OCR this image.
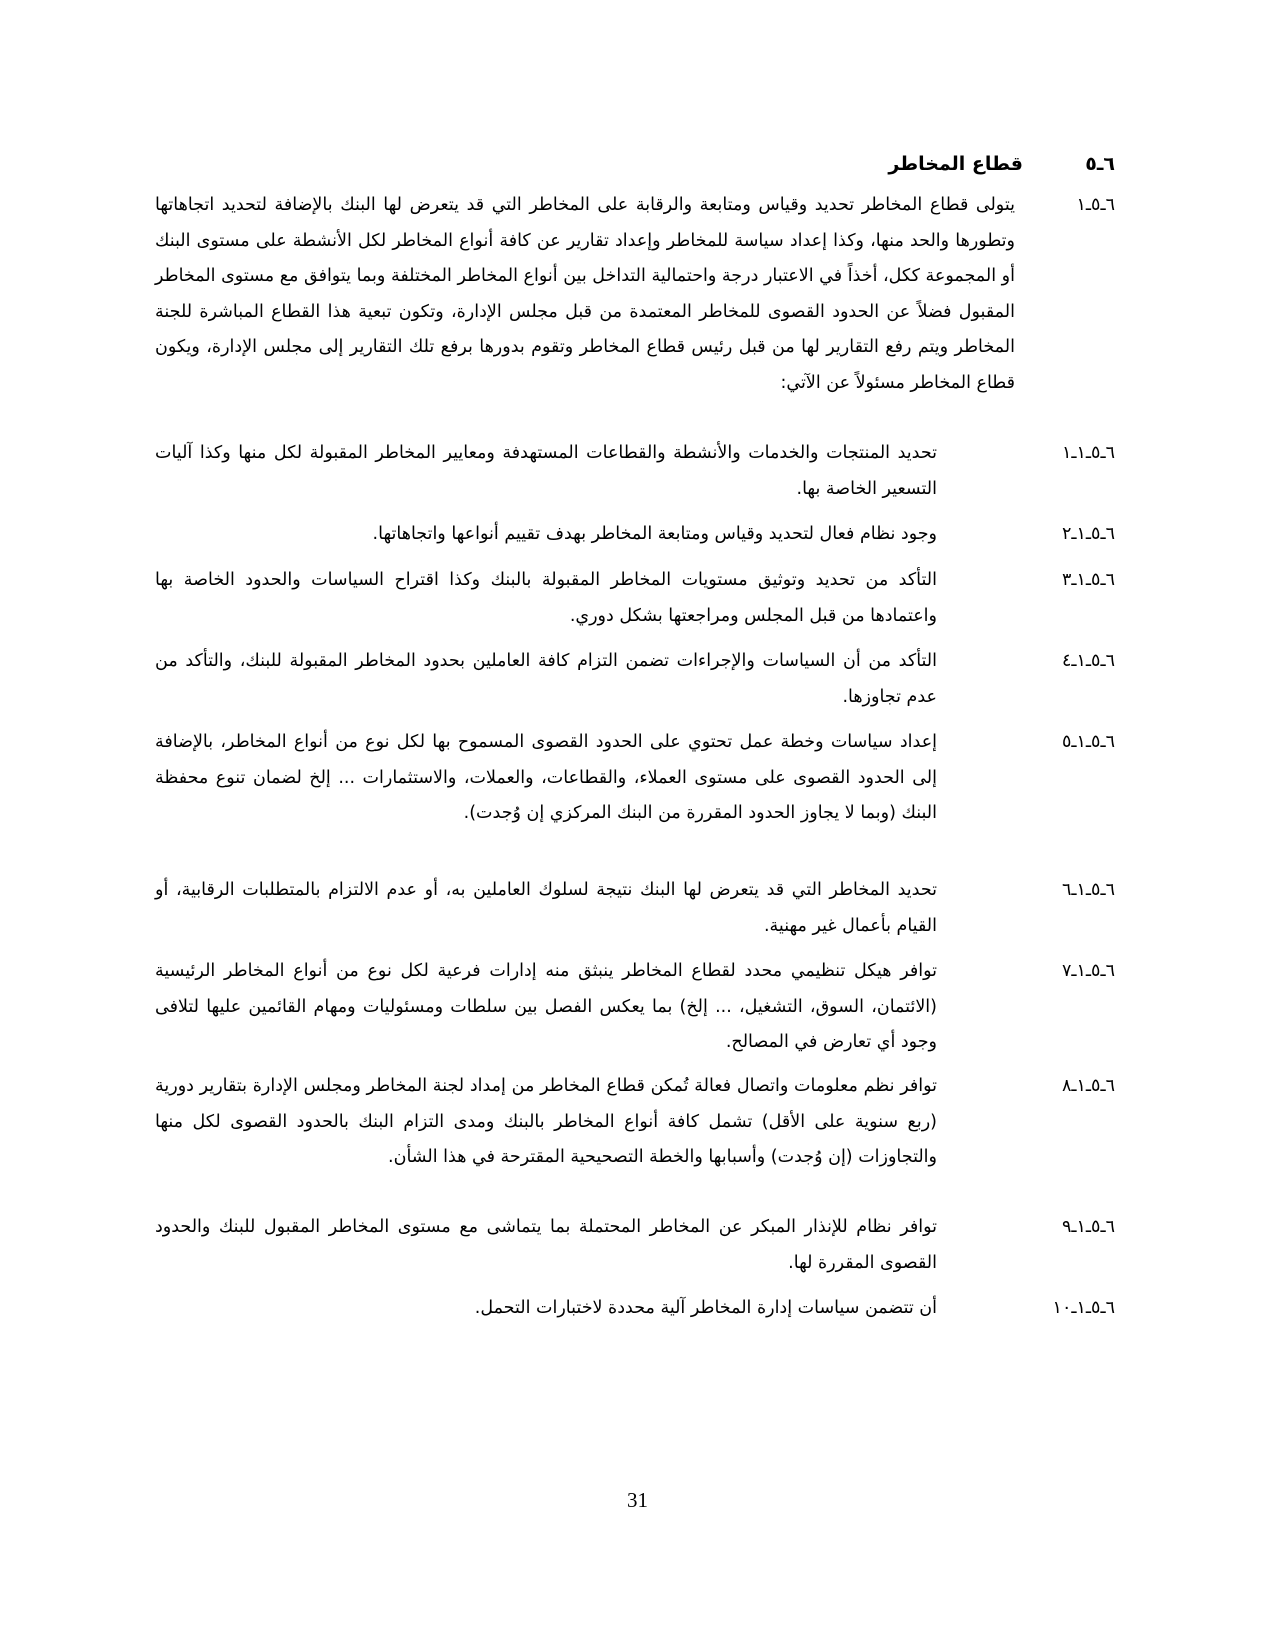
٦ـ٥قطاع المخاطر
٦ـ٥ـ١
يتولى قطاع المخاطر تحديد وقياس ومتابعة والرقابة على المخاطر التي قد يتعرض لها البنك بالإضافة لتحديد اتجاهاتها وتطورها والحد منها، وكذا إعداد سياسة للمخاطر وإعداد تقارير عن كافة أنواع المخاطر لكل الأنشطة على مستوى البنك أو المجموعة ككل، أخذاً في الاعتبار درجة واحتمالية التداخل بين أنواع المخاطر المختلفة وبما يتوافق مع مستوى المخاطر المقبول فضلاً عن الحدود القصوى للمخاطر المعتمدة من قبل مجلس الإدارة، وتكون تبعية هذا القطاع المباشرة للجنة المخاطر ويتم رفع التقارير لها من قبل رئيس قطاع المخاطر وتقوم بدورها برفع تلك التقارير إلى مجلس الإدارة، ويكون قطاع المخاطر مسئولاً عن الآتي:
٦ـ٥ـ١ـ١
تحديد المنتجات والخدمات والأنشطة والقطاعات المستهدفة ومعايير المخاطر المقبولة لكل منها وكذا آليات التسعير الخاصة بها.
٦ـ٥ـ١ـ٢
وجود نظام فعال لتحديد وقياس ومتابعة المخاطر بهدف تقييم أنواعها واتجاهاتها.
٦ـ٥ـ١ـ٣
التأكد من تحديد وتوثيق مستويات المخاطر المقبولة بالبنك وكذا اقتراح السياسات والحدود الخاصة بها واعتمادها من قبل المجلس ومراجعتها بشكل دوري.
٦ـ٥ـ١ـ٤
التأكد من أن السياسات والإجراءات تضمن التزام كافة العاملين بحدود المخاطر المقبولة للبنك، والتأكد من عدم تجاوزها.
٦ـ٥ـ١ـ٥
إعداد سياسات وخطة عمل تحتوي على الحدود القصوى المسموح بها لكل نوع من أنواع المخاطر، بالإضافة إلى الحدود القصوى على مستوى العملاء، والقطاعات، والعملات، والاستثمارات ... إلخ لضمان تنوع محفظة البنك (وبما لا يجاوز الحدود المقررة من البنك المركزي إن وُجدت).
٦ـ٥ـ١ـ٦
تحديد المخاطر التي قد يتعرض لها البنك نتيجة لسلوك العاملين به، أو عدم الالتزام بالمتطلبات الرقابية، أو القيام بأعمال غير مهنية.
٦ـ٥ـ١ـ٧
توافر هيكل تنظيمي محدد لقطاع المخاطر ينبثق منه إدارات فرعية لكل نوع من أنواع المخاطر الرئيسية (الائتمان، السوق، التشغيل، ... إلخ) بما يعكس الفصل بين سلطات ومسئوليات ومهام القائمين عليها لتلافى وجود أي تعارض في المصالح.
٦ـ٥ـ١ـ٨
توافر نظم معلومات واتصال فعالة تُمكن قطاع المخاطر من إمداد لجنة المخاطر ومجلس الإدارة بتقارير دورية (ربع سنوية على الأقل) تشمل كافة أنواع المخاطر بالبنك ومدى التزام البنك بالحدود القصوى لكل منها والتجاوزات (إن وُجدت) وأسبابها والخطة التصحيحية المقترحة في هذا الشأن.
٦ـ٥ـ١ـ٩
توافر نظام للإنذار المبكر عن المخاطر المحتملة بما يتماشى مع مستوى المخاطر المقبول للبنك والحدود القصوى المقررة لها.
٦ـ٥ـ١ـ١٠
أن تتضمن سياسات إدارة المخاطر آلية محددة لاختبارات التحمل.
31
